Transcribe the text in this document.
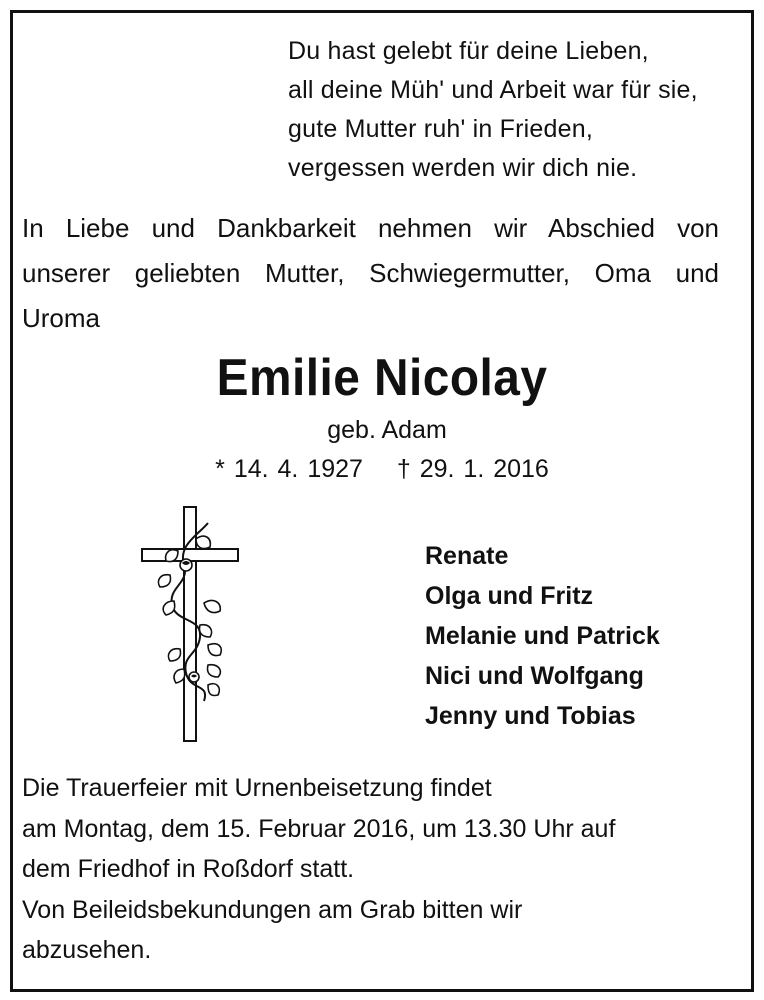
Du hast gelebt für deine Lieben,
all deine Müh' und Arbeit war für sie,
gute Mutter ruh' in Frieden,
vergessen werden wir dich nie.
In Liebe und Dankbarkeit nehmen wir Abschied von
unserer geliebten Mutter, Schwiegermutter, Oma und
Uroma
Emilie Nicolay
geb. Adam
* 14. 4. 1927 † 29. 1. 2016
Renate
Olga und Fritz
Melanie und Patrick
Nici und Wolfgang
Jenny und Tobias
Die Trauerfeier mit Urnenbeisetzung findet
am Montag, dem 15. Februar 2016, um 13.30 Uhr auf
dem Friedhof in Roßdorf statt.
Von Beileidsbekundungen am Grab bitten wir
abzusehen.
